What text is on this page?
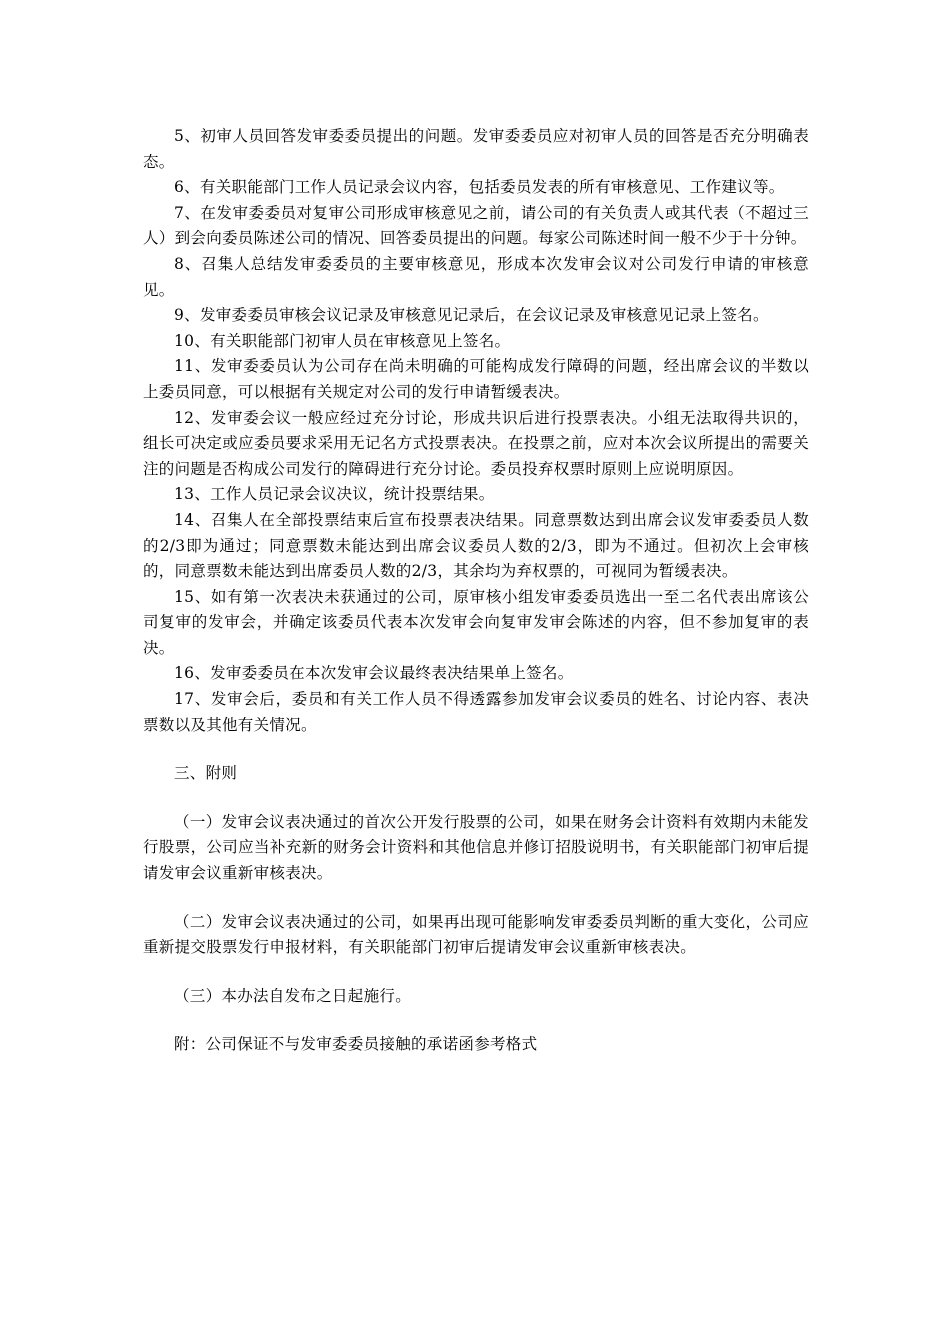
5、初审人员回答发审委委员提出的问题。发审委委员应对初审人员的回答是否充分明确表态。

6、有关职能部门工作人员记录会议内容，包括委员发表的所有审核意见、工作建议等。

7、在发审委委员对复审公司形成审核意见之前，请公司的有关负责人或其代表（不超过三人）到会向委员陈述公司的情况、回答委员提出的问题。每家公司陈述时间一般不少于十分钟。

8、召集人总结发审委委员的主要审核意见，形成本次发审会议对公司发行申请的审核意见。

9、发审委委员审核会议记录及审核意见记录后，在会议记录及审核意见记录上签名。

10、有关职能部门初审人员在审核意见上签名。

11、发审委委员认为公司存在尚未明确的可能构成发行障碍的问题，经出席会议的半数以上委员同意，可以根据有关规定对公司的发行申请暂缓表决。

12、发审委会议一般应经过充分讨论，形成共识后进行投票表决。小组无法取得共识的，组长可决定或应委员要求采用无记名方式投票表决。在投票之前，应对本次会议所提出的需要关注的问题是否构成公司发行的障碍进行充分讨论。委员投弃权票时原则上应说明原因。

13、工作人员记录会议决议，统计投票结果。

14、召集人在全部投票结束后宣布投票表决结果。同意票数达到出席会议发审委委员人数的2/3即为通过；同意票数未能达到出席会议委员人数的2/3，即为不通过。但初次上会审核的，同意票数未能达到出席委员人数的2/3，其余均为弃权票的，可视同为暂缓表决。

15、如有第一次表决未获通过的公司，原审核小组发审委委员选出一至二名代表出席该公司复审的发审会，并确定该委员代表本次发审会向复审发审会陈述的内容，但不参加复审的表决。

16、发审委委员在本次发审会议最终表决结果单上签名。

17、发审会后，委员和有关工作人员不得透露参加发审会议委员的姓名、讨论内容、表决票数以及其他有关情况。

三、附则

（一）发审会议表决通过的首次公开发行股票的公司，如果在财务会计资料有效期内未能发行股票，公司应当补充新的财务会计资料和其他信息并修订招股说明书，有关职能部门初审后提请发审会议重新审核表决。

（二）发审会议表决通过的公司，如果再出现可能影响发审委委员判断的重大变化，公司应重新提交股票发行申报材料，有关职能部门初审后提请发审会议重新审核表决。

（三）本办法自发布之日起施行。

附：公司保证不与发审委委员接触的承诺函参考格式
